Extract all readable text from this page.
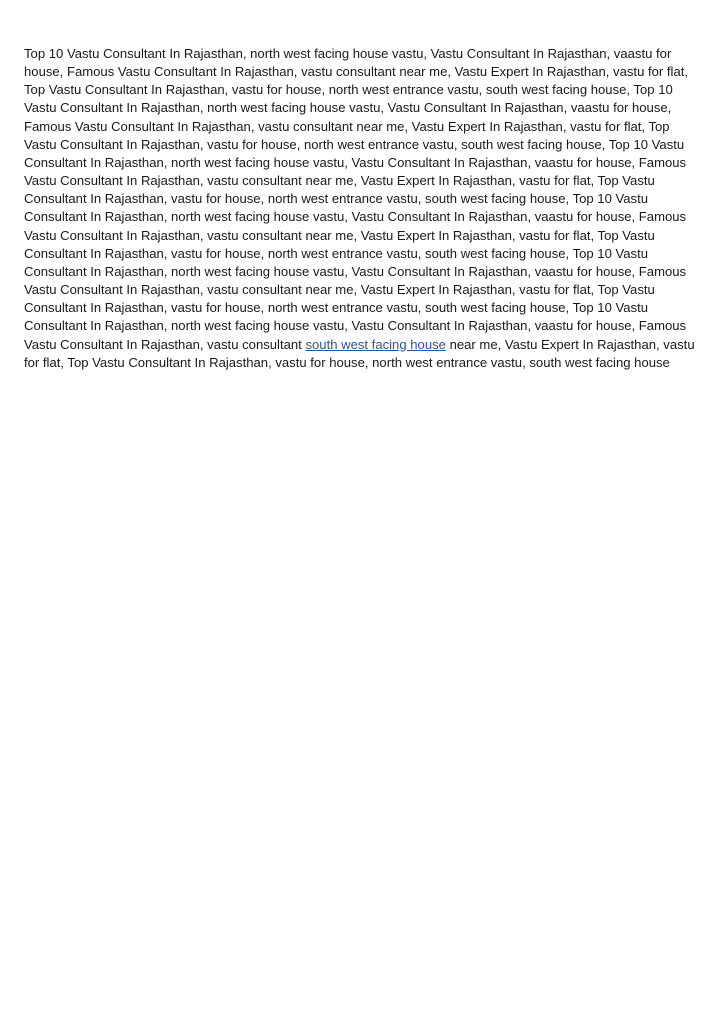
Top 10 Vastu Consultant In Rajasthan, north west facing house vastu, Vastu Consultant In Rajasthan, vaastu for house, Famous Vastu Consultant In Rajasthan, vastu consultant near me, Vastu Expert In Rajasthan, vastu for flat, Top Vastu Consultant In Rajasthan, vastu for house, north west entrance vastu, south west facing house, Top 10 Vastu Consultant In Rajasthan, north west facing house vastu, Vastu Consultant In Rajasthan, vaastu for house, Famous Vastu Consultant In Rajasthan, vastu consultant near me, Vastu Expert In Rajasthan, vastu for flat, Top Vastu Consultant In Rajasthan, vastu for house, north west entrance vastu, south west facing house, Top 10 Vastu Consultant In Rajasthan, north west facing house vastu, Vastu Consultant In Rajasthan, vaastu for house, Famous Vastu Consultant In Rajasthan, vastu consultant near me, Vastu Expert In Rajasthan, vastu for flat, Top Vastu Consultant In Rajasthan, vastu for house, north west entrance vastu, south west facing house, Top 10 Vastu Consultant In Rajasthan, north west facing house vastu, Vastu Consultant In Rajasthan, vaastu for house, Famous Vastu Consultant In Rajasthan, vastu consultant near me, Vastu Expert In Rajasthan, vastu for flat, Top Vastu Consultant In Rajasthan, vastu for house, north west entrance vastu, south west facing house, Top 10 Vastu Consultant In Rajasthan, north west facing house vastu, Vastu Consultant In Rajasthan, vaastu for house, Famous Vastu Consultant In Rajasthan, vastu consultant near me, Vastu Expert In Rajasthan, vastu for flat, Top Vastu Consultant In Rajasthan, vastu for house, north west entrance vastu, south west facing house, Top 10 Vastu Consultant In Rajasthan, north west facing house vastu, Vastu Consultant In Rajasthan, vaastu for house, Famous Vastu Consultant In Rajasthan, vastu consultant south west facing house near me, Vastu Expert In Rajasthan, vastu for flat, Top Vastu Consultant In Rajasthan, vastu for house, north west entrance vastu, south west facing house
